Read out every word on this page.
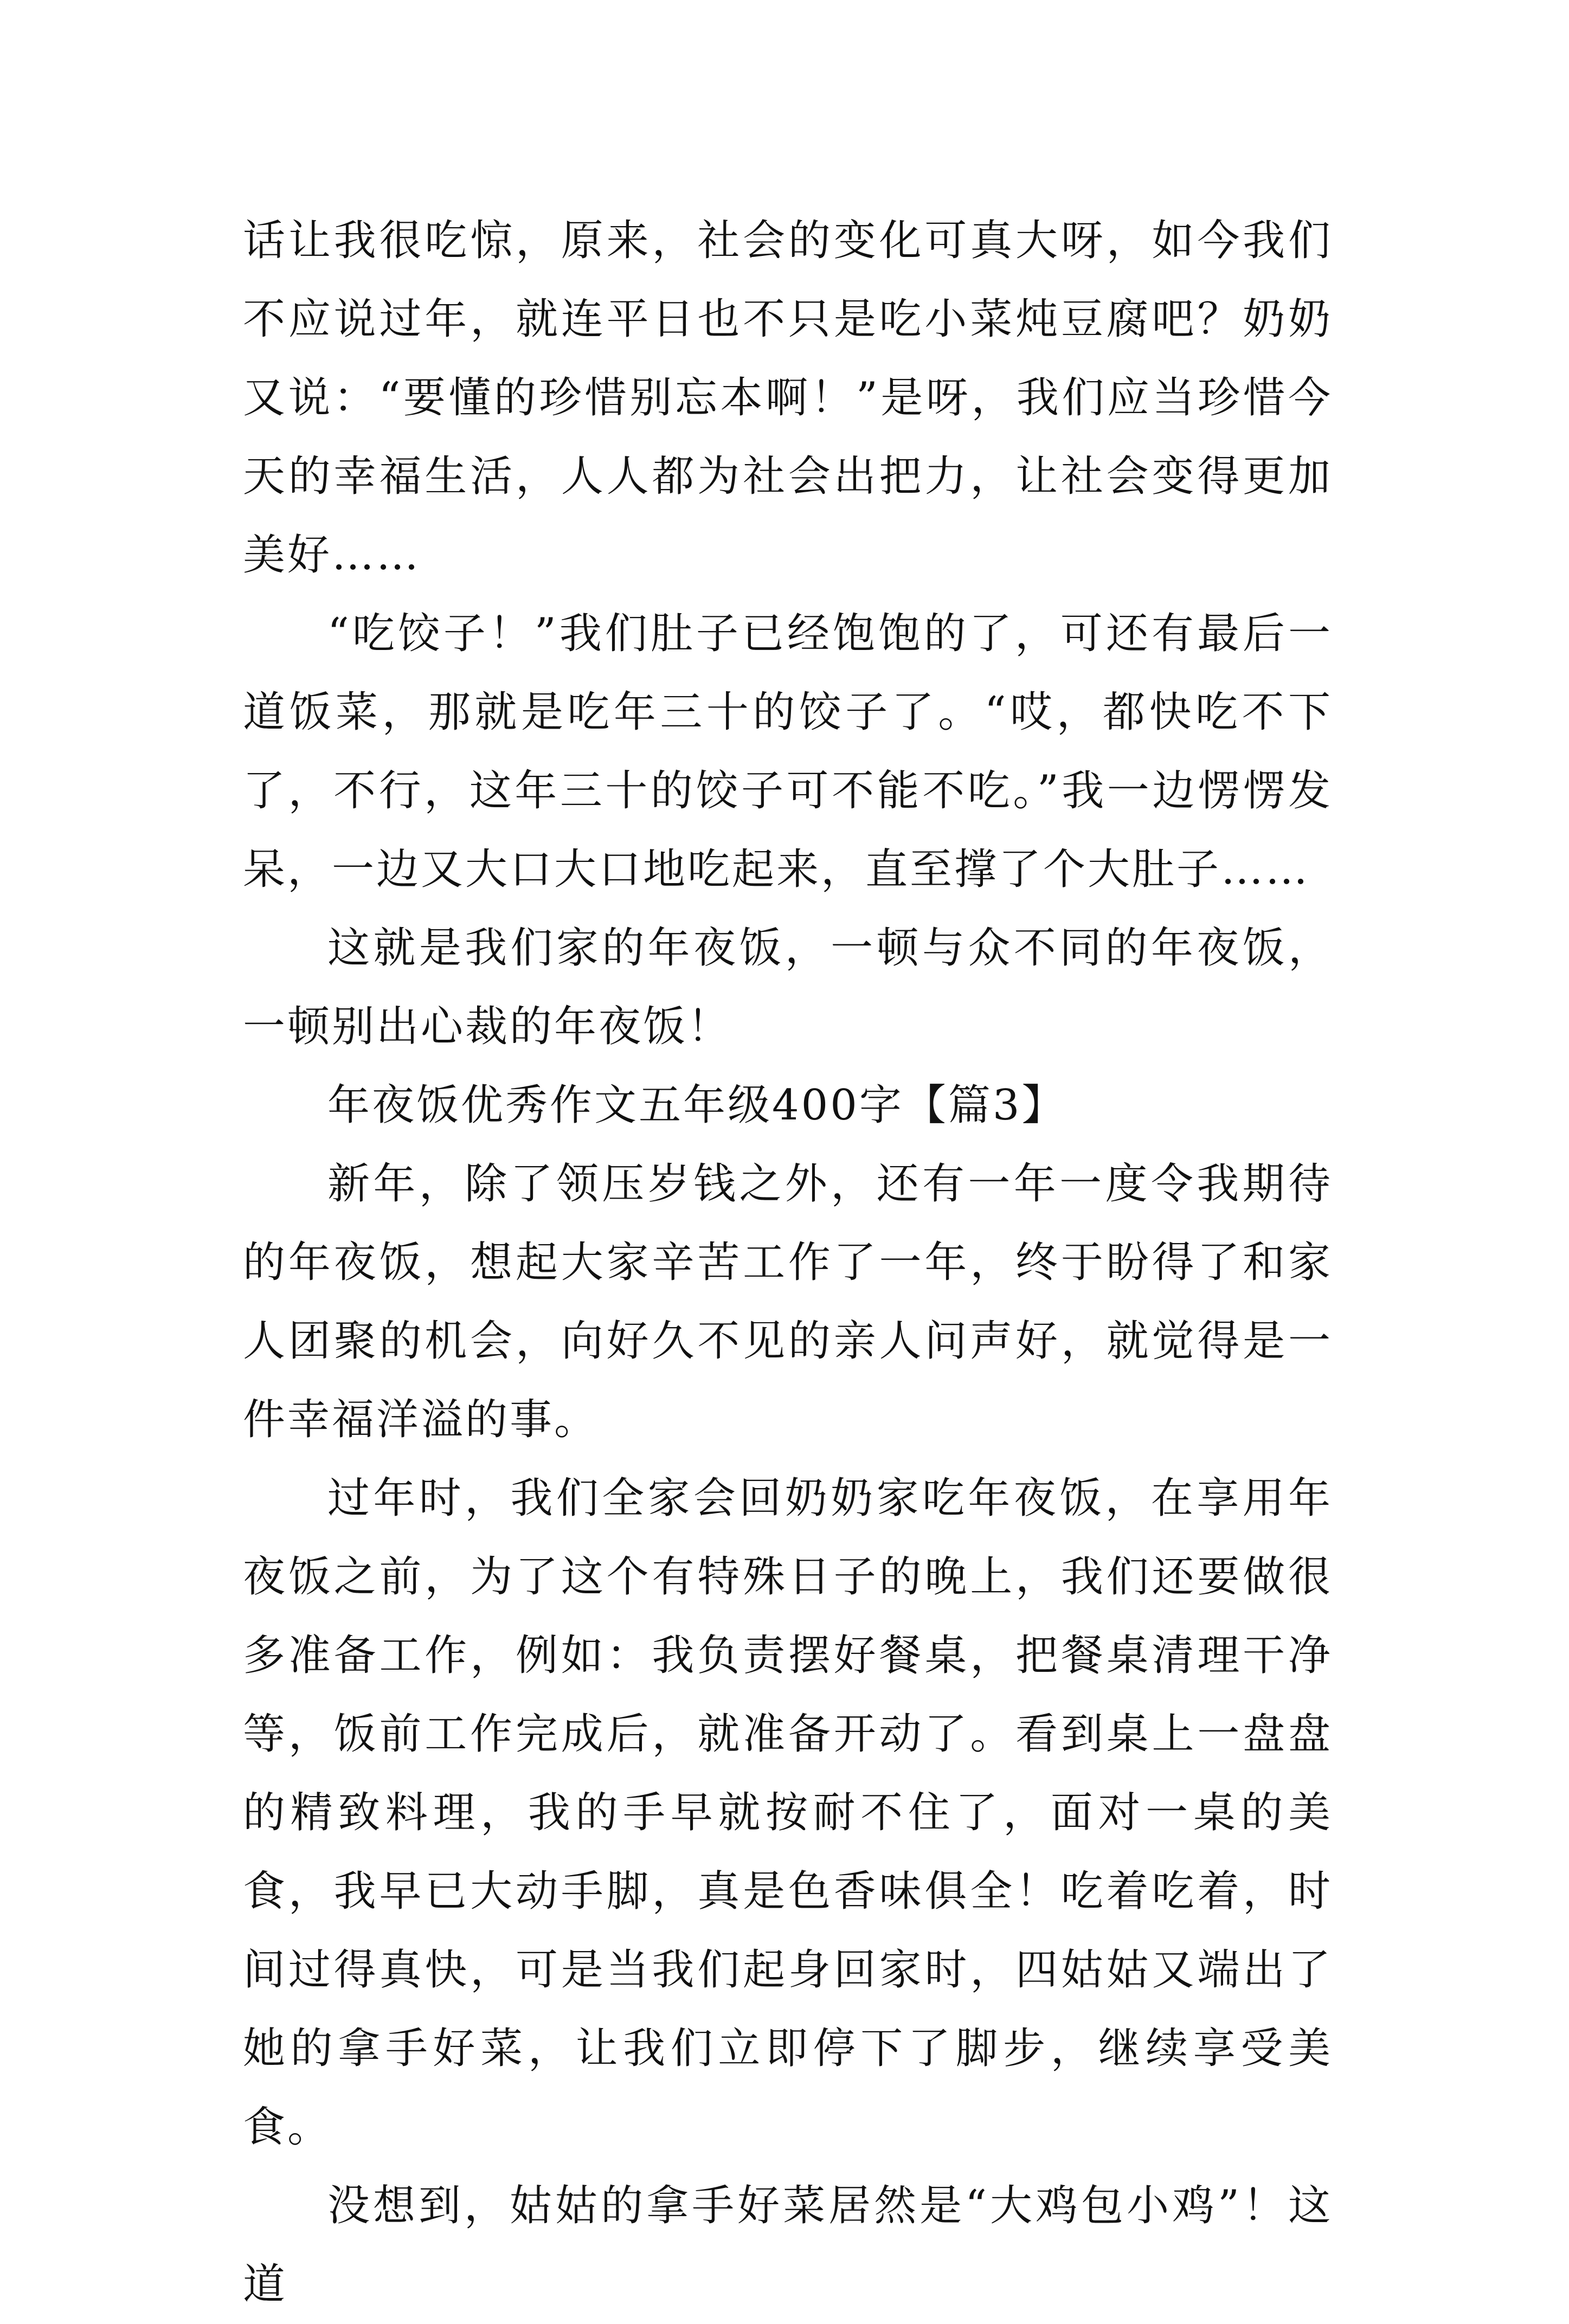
话让我很吃惊，原来，社会的变化可真大呀，如今我们不应说过年，就连平日也不只是吃小菜炖豆腐吧？奶奶又说：“要懂的珍惜别忘本啊！”是呀，我们应当珍惜今天的幸福生活，人人都为社会出把力，让社会变得更加美好……

“吃饺子！”我们肚子已经饱饱的了，可还有最后一道饭菜，那就是吃年三十的饺子了。“哎，都快吃不下了，不行，这年三十的饺子可不能不吃。”我一边愣愣发呆，一边又大口大口地吃起来，直至撑了个大肚子……

这就是我们家的年夜饭，一顿与众不同的年夜饭，一顿别出心裁的年夜饭！

年夜饭优秀作文五年级400字【篇3】

新年，除了领压岁钱之外，还有一年一度令我期待的年夜饭，想起大家辛苦工作了一年，终于盼得了和家人团聚的机会，向好久不见的亲人问声好，就觉得是一件幸福洋溢的事。

过年时，我们全家会回奶奶家吃年夜饭，在享用年夜饭之前，为了这个有特殊日子的晚上，我们还要做很多准备工作，例如：我负责摆好餐桌，把餐桌清理干净等，饭前工作完成后，就准备开动了。看到桌上一盘盘的精致料理，我的手早就按耐不住了，面对一桌的美食，我早已大动手脚，真是色香味俱全！吃着吃着，时间过得真快，可是当我们起身回家时，四姑姑又端出了她的拿手好菜，让我们立即停下了脚步，继续享受美食。

没想到，姑姑的拿手好菜居然是“大鸡包小鸡”！这道
